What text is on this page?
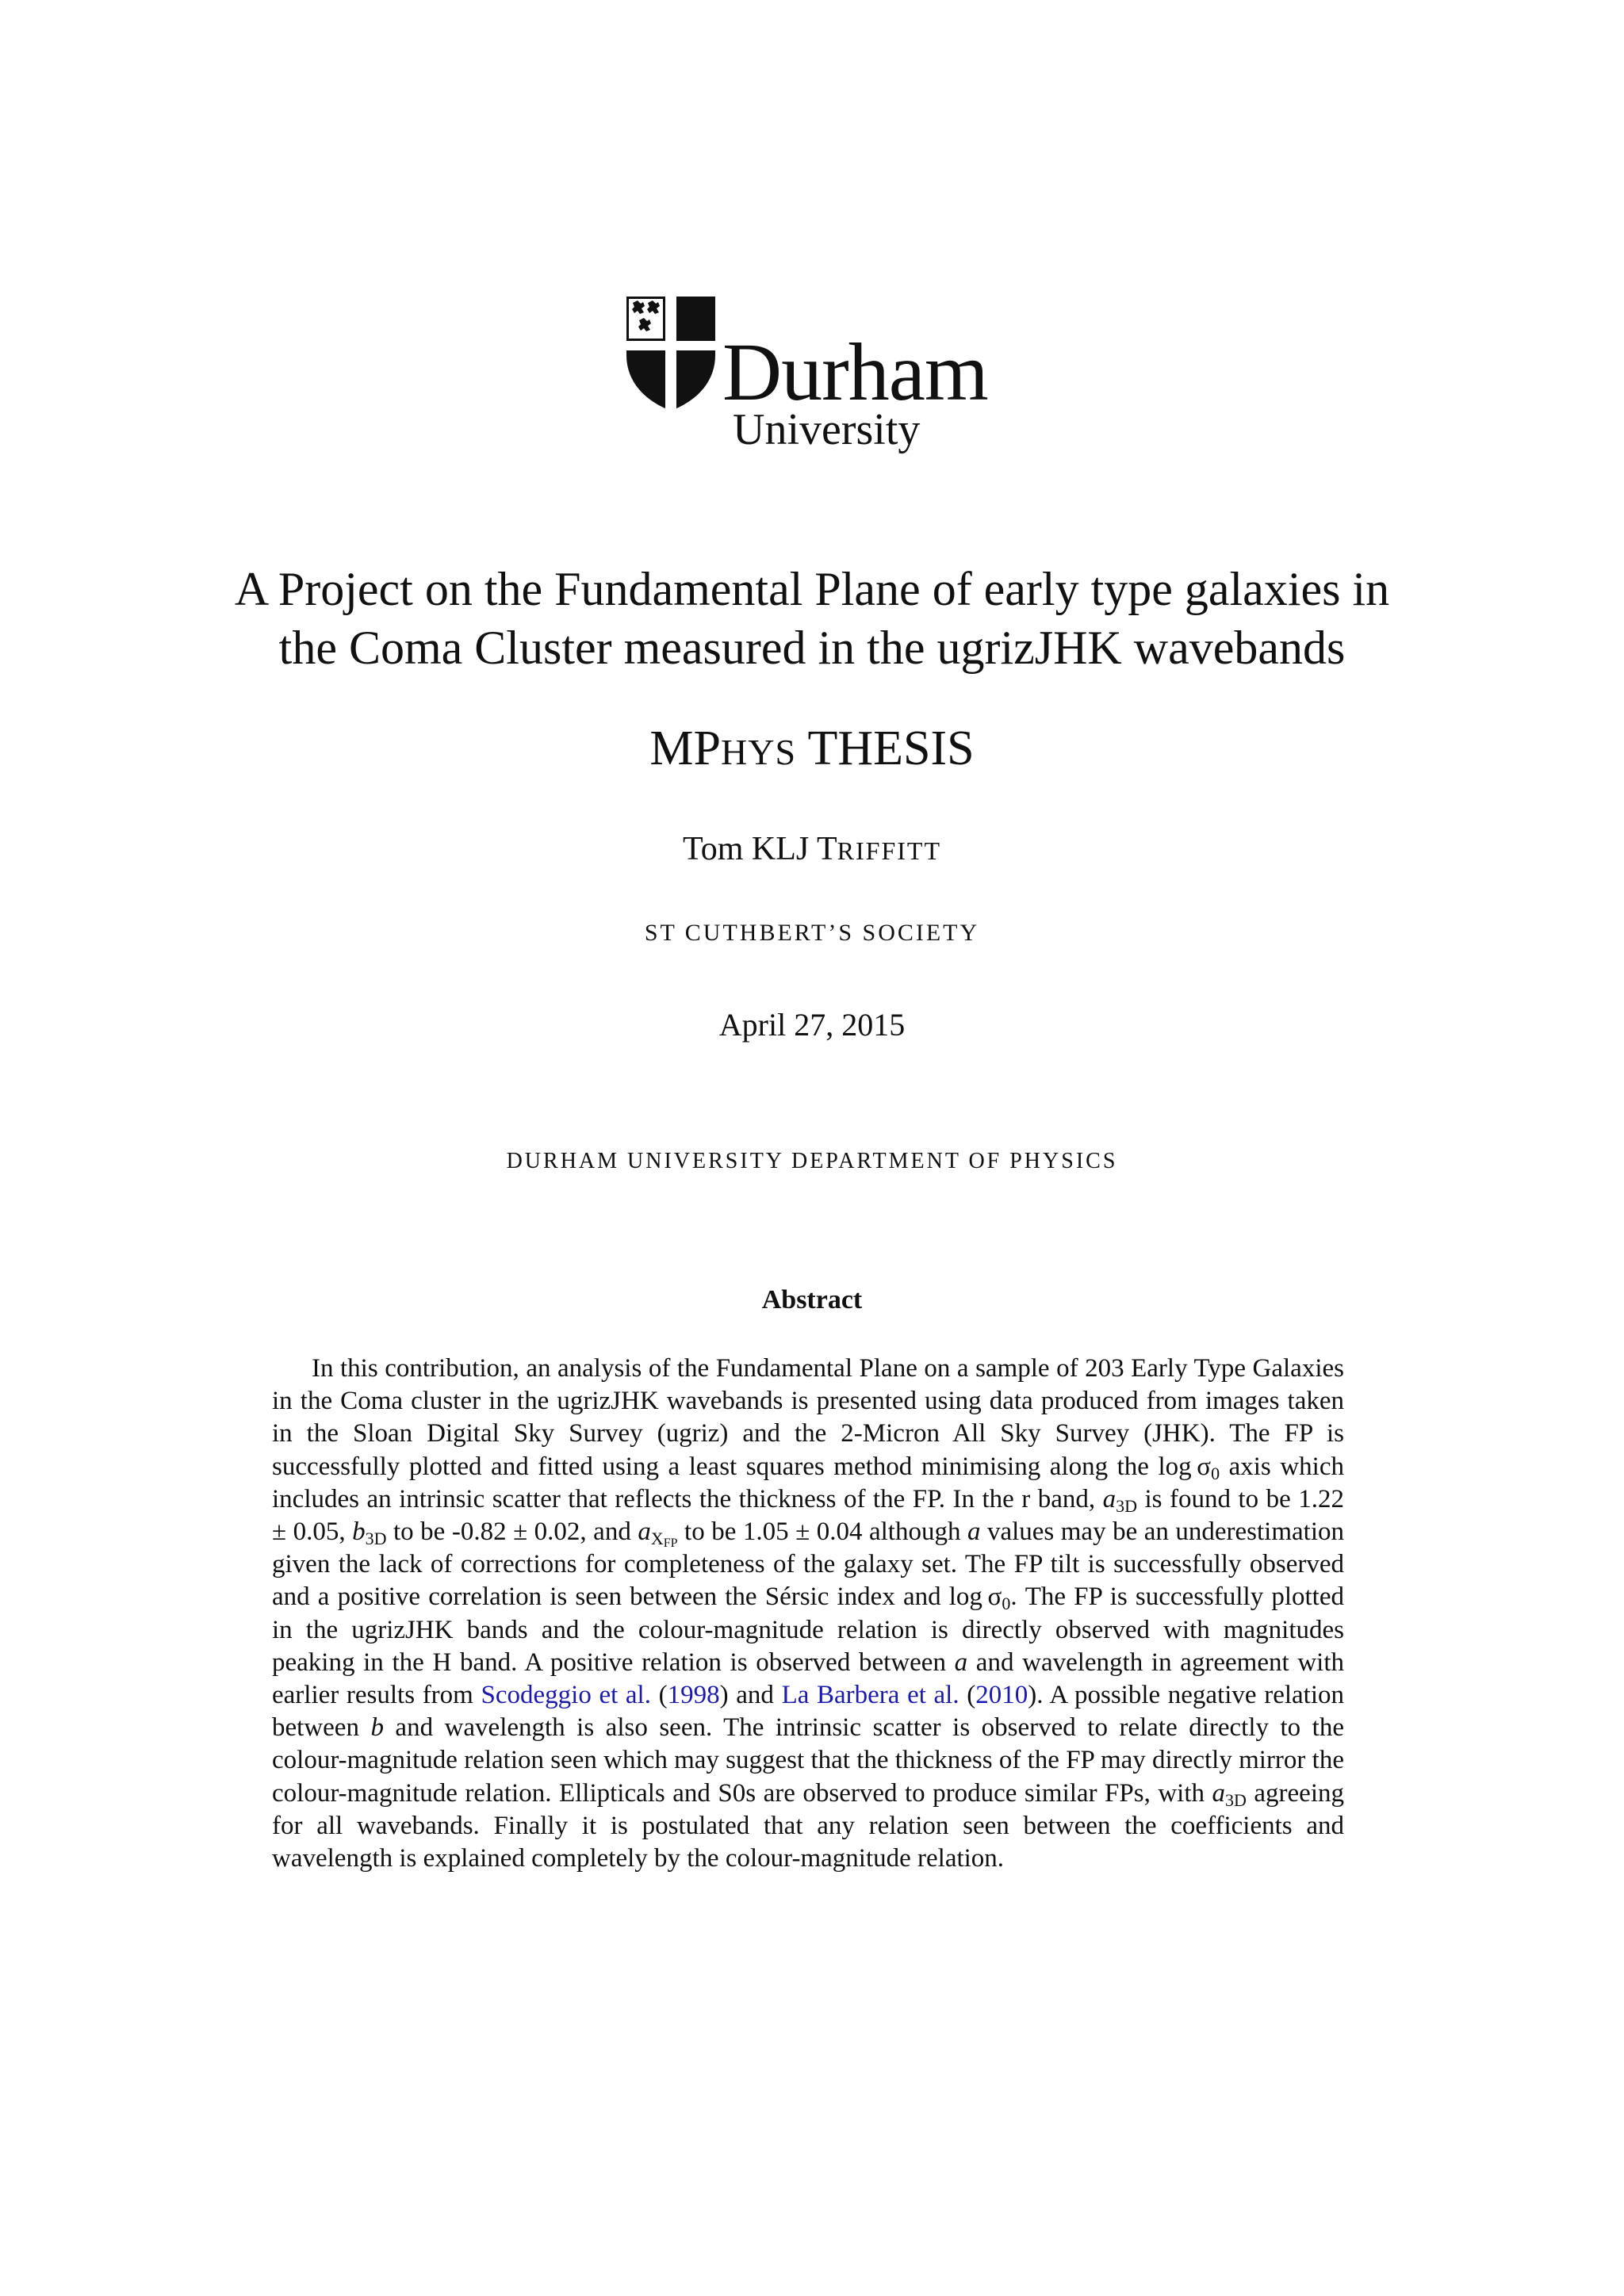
Durham
University
A Project on the Fundamental Plane of early type galaxies in
the Coma Cluster measured in the ugrizJHK wavebands
MPHYS THESIS
Tom KLJ TRIFFITT
ST CUTHBERT’S SOCIETY
April 27, 2015
DURHAM UNIVERSITY DEPARTMENT OF PHYSICS
Abstract
In this contribution, an analysis of the Fundamental Plane on a sample of 203 Early Type Galaxies in the Coma cluster in the ugrizJHK wavebands is presented using data produced from images taken in the Sloan Digital Sky Survey (ugriz) and the 2-Micron All Sky Survey (JHK). The FP is successfully plotted and fitted using a least squares method minimising along the $\log \sigma_0$ axis which includes an intrinsic scatter that reflects the thickness of the FP. In the r band, $a_{3D}$ is found to be 1.22 ± 0.05, $b_{3D}$ to be -0.82 ± 0.02, and $a_{X_{FP}}$ to be 1.05 ± 0.04 although a values may be an underestimation given the lack of corrections for completeness of the galaxy set. The FP tilt is successfully observed and a positive correlation is seen between the Sérsic index and $\log \sigma_0$. The FP is successfully plotted in the ugrizJHK bands and the colour-magnitude relation is directly observed with magnitudes peaking in the H band. A positive relation is observed between a and wavelength in agreement with earlier results from Scodeggio et al. (1998) and La Barbera et al. (2010). A possible negative relation between b and wavelength is also seen. The intrinsic scatter is observed to relate directly to the colour-magnitude relation seen which may suggest that the thickness of the FP may directly mirror the colour-magnitude relation. Ellipticals and S0s are observed to produce similar FPs, with $a_{3D}$ agreeing for all wavebands. Finally it is postulated that any relation seen between the coefficients and wavelength is explained completely by the colour-magnitude relation.
